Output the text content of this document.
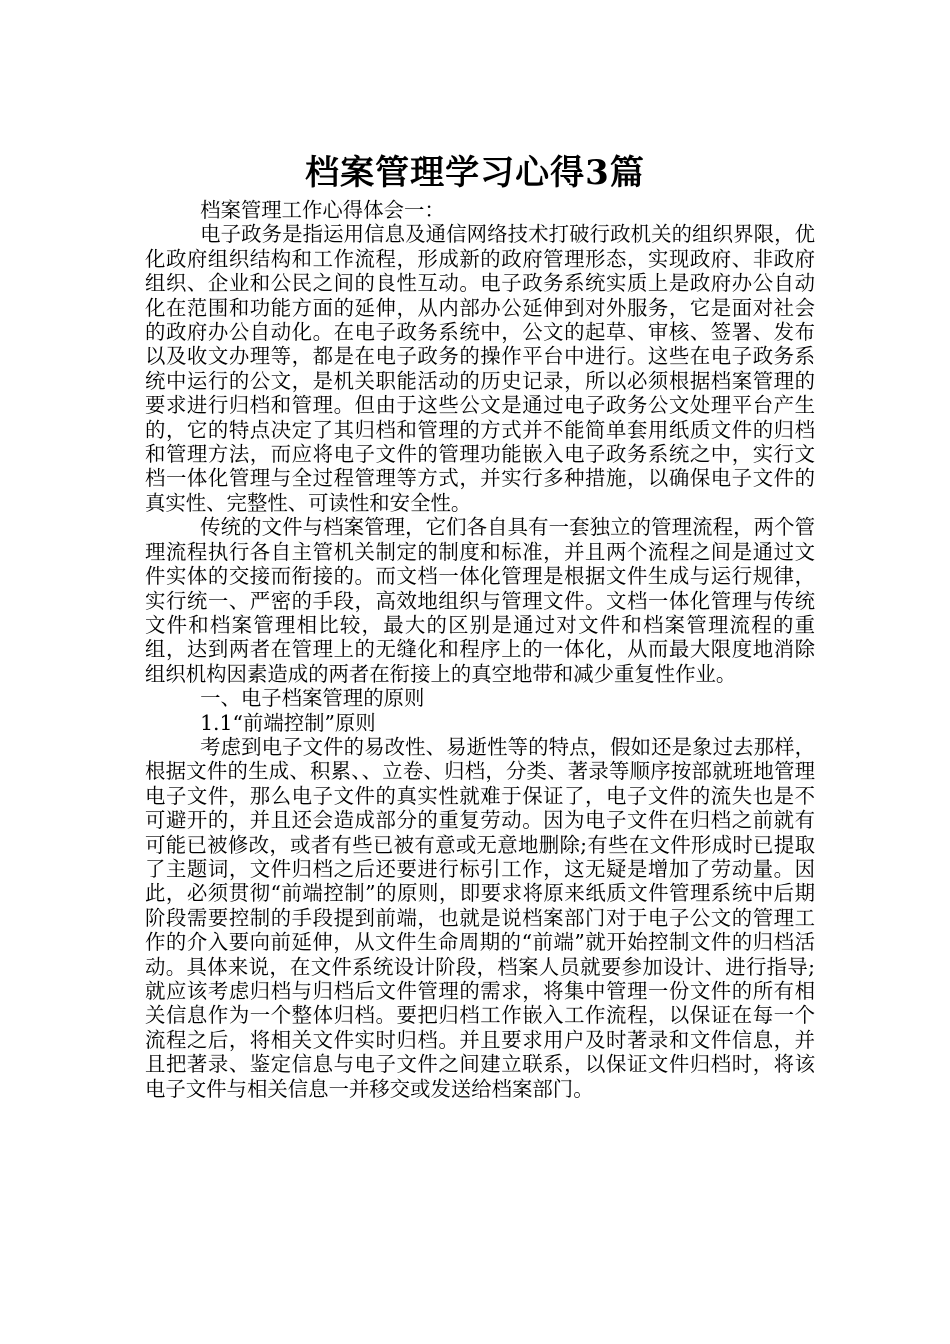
档案管理学习心得3篇

档案管理工作心得体会一：

电子政务是指运用信息及通信网络技术打破行政机关的组织界限，优化政府组织结构和工作流程，形成新的政府管理形态，实现政府、非政府组织、企业和公民之间的良性互动。电子政务系统实质上是政府办公自动化在范围和功能方面的延伸，从内部办公延伸到对外服务，它是面对社会的政府办公自动化。在电子政务系统中，公文的起草、审核、签署、发布以及收文办理等，都是在电子政务的操作平台中进行。这些在电子政务系统中运行的公文，是机关职能活动的历史记录，所以必须根据档案管理的要求进行归档和管理。但由于这些公文是通过电子政务公文处理平台产生的，它的特点决定了其归档和管理的方式并不能简单套用纸质文件的归档和管理方法，而应将电子文件的管理功能嵌入电子政务系统之中，实行文档一体化管理与全过程管理等方式，并实行多种措施，以确保电子文件的真实性、完整性、可读性和安全性。

传统的文件与档案管理，它们各自具有一套独立的管理流程，两个管理流程执行各自主管机关制定的制度和标准，并且两个流程之间是通过文件实体的交接而衔接的。而文档一体化管理是根据文件生成与运行规律，实行统一、严密的手段，高效地组织与管理文件。文档一体化管理与传统文件和档案管理相比较，最大的区别是通过对文件和档案管理流程的重组，达到两者在管理上的无缝化和程序上的一体化，从而最大限度地消除组织机构因素造成的两者在衔接上的真空地带和减少重复性作业。

一、电子档案管理的原则

1.1“前端控制”原则

考虑到电子文件的易改性、易逝性等的特点，假如还是象过去那样，根据文件的生成、积累、、立卷、归档，分类、著录等顺序按部就班地管理电子文件，那么电子文件的真实性就难于保证了，电子文件的流失也是不可避开的，并且还会造成部分的重复劳动。因为电子文件在归档之前就有可能已被修改，或者有些已被有意或无意地删除;有些在文件形成时已提取了主题词，文件归档之后还要进行标引工作，这无疑是增加了劳动量。因此，必须贯彻“前端控制”的原则，即要求将原来纸质文件管理系统中后期阶段需要控制的手段提到前端，也就是说档案部门对于电子公文的管理工作的介入要向前延伸，从文件生命周期的“前端”就开始控制文件的归档活动。具体来说，在文件系统设计阶段，档案人员就要参加设计、进行指导;就应该考虑归档与归档后文件管理的需求，将集中管理一份文件的所有相关信息作为一个整体归档。要把归档工作嵌入工作流程，以保证在每一个流程之后，将相关文件实时归档。并且要求用户及时著录和文件信息，并且把著录、鉴定信息与电子文件之间建立联系，以保证文件归档时，将该电子文件与相关信息一并移交或发送给档案部门。
